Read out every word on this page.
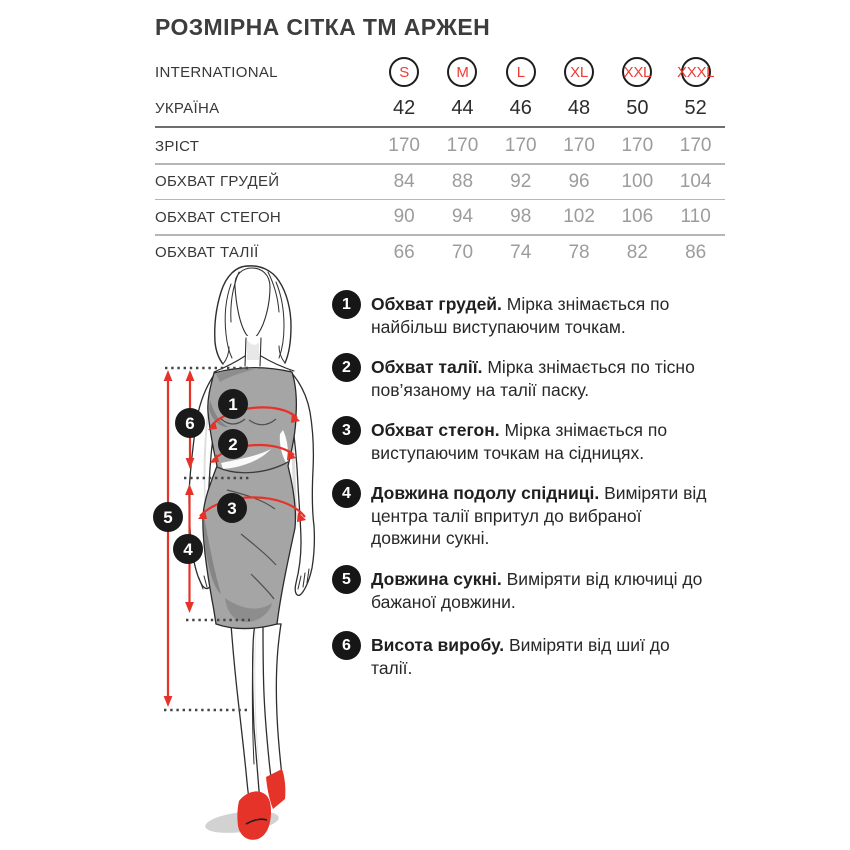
РОЗМІРНА СІТКА ТМ АРЖЕН
INTERNATIONAL	S	M	L	XL XXL XXXL
УКРАЇНА	42	44	46	48	50	52
ЗРІСТ	170	170	170	170	170	170
ОБХВАТ ГРУДЕЙ	84	88	92	96	100	104
ОБХВАТ СТЕГОН	90	94	98	102	106	110
ОБХВАТ ТАЛІЇ	66	70	74	78	82	86
1
2
3
4
5
6
1	Обхват грудей. Мірка знімається по найбільш виступаючим точкам.

2	Обхват талії. Мірка знімається по тісно пов’язаному на талії паску.

3	Обхват стегон. Мірка знімається по виступаючим точкам на сідницях.

4	Довжина подолу спідниці. Виміряти від центра талії впритул до вибраної довжини сукні.

5	Довжина сукні. Виміряти від ключиці до бажаної довжини.

6	Висота виробу. Виміряти від шиї до талії.
